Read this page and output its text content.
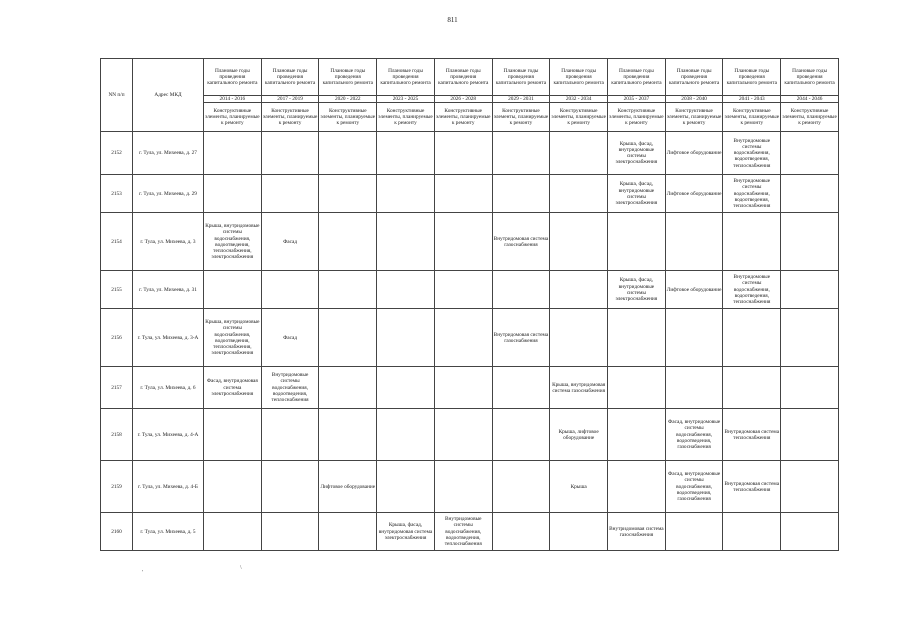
811
NN п/п	Адрес МКД	Плановые годы проведения капитального ремонта	Плановые годы проведения капитального ремонта	Плановые годы проведения капитального ремонта	Плановые годы проведения капитального ремонта	Плановые годы проведения капитального ремонта	Плановые годы проведения капитального ремонта	Плановые годы проведения капитального ремонта	Плановые годы проведения капитального ремонта	Плановые годы проведения капитального ремонта	Плановые годы проведения капитального ремонта	Плановые годы проведения капитального ремонта
		2014 - 2016	2017 - 2019	2020 - 2022	2023 - 2025	2026 - 2028	2029 - 2031	2032 - 2034	2035 - 2037	2038 - 2040	2041 - 2043	2044 - 2046
		Конструктивные элементы, планируемые к ремонту	Конструктивные элементы, планируемые к ремонту	Конструктивные элементы, планируемые к ремонту	Конструктивные элементы, планируемые к ремонту	Конструктивные элементы, планируемые к ремонту	Конструктивные элементы, планируемые к ремонту	Конструктивные элементы, планируемые к ремонту	Конструктивные элементы, планируемые к ремонту	Конструктивные элементы, планируемые к ремонту	Конструктивные элементы, планируемые к ремонту	Конструктивные элементы, планируемые к ремонту
2152	г. Тула, ул. Михеева, д. 27								Крыша, фасад, внутридомовые системы электроснабжения	Лифтовое оборудование	Внутридомовые системы водоснабжения, водоотведения, теплоснабжения	
2153	г. Тула, ул. Михеева, д. 29								Крыша, фасад, внутридомовые системы электроснабжения	Лифтовое оборудование	Внутридомовые системы водоснабжения, водоотведения, теплоснабжения	
2154	г. Тула, ул. Михеева, д. 3	Крыша, внутридомовые системы водоснабжения, водоотведения, теплоснабжения, электроснабжения	Фасад				Внутридомовая система газоснабжения					
2155	г. Тула, ул. Михеева, д. 31								Крыша, фасад, внутридомовые системы электроснабжения	Лифтовое оборудование	Внутридомовые системы водоснабжения, водоотведения, теплоснабжения	
2156	г. Тула, ул. Михеева, д. 3-А	Крыша, внутридомовые системы водоснабжения, водоотведения, теплоснабжения, электроснабжения	Фасад				Внутридомовая система газоснабжения					
2157	г. Тула, ул. Михеева, д. 6	Фасад, внутридомовая система электроснабжения	Внутридомовые системы водоснабжения, водоотведения, теплоснабжения					Крыша, внутридомовая система газоснабжения				
2158	г. Тула, ул. Михеева, д. 4-А							Крыша, лифтовое оборудование		Фасад, внутридомовые системы водоснабжения, водоотведения, газоснабжения	Внутридомовая система теплоснабжения	
2159	г. Тула, ул. Михеева, д. 4-Б			Лифтовое оборудование				Крыша		Фасад, внутридомовые системы водоснабжения, водоотведения, газоснабжения	Внутридомовая система теплоснабжения	
2160	г. Тула, ул. Михеева, д. 5				Крыша, фасад, внутридомовая система электроснабжения	Внутридомовые системы водоснабжения, водоотведения, теплоснабжения			Внутридомовая система газоснабжения			
'
\
